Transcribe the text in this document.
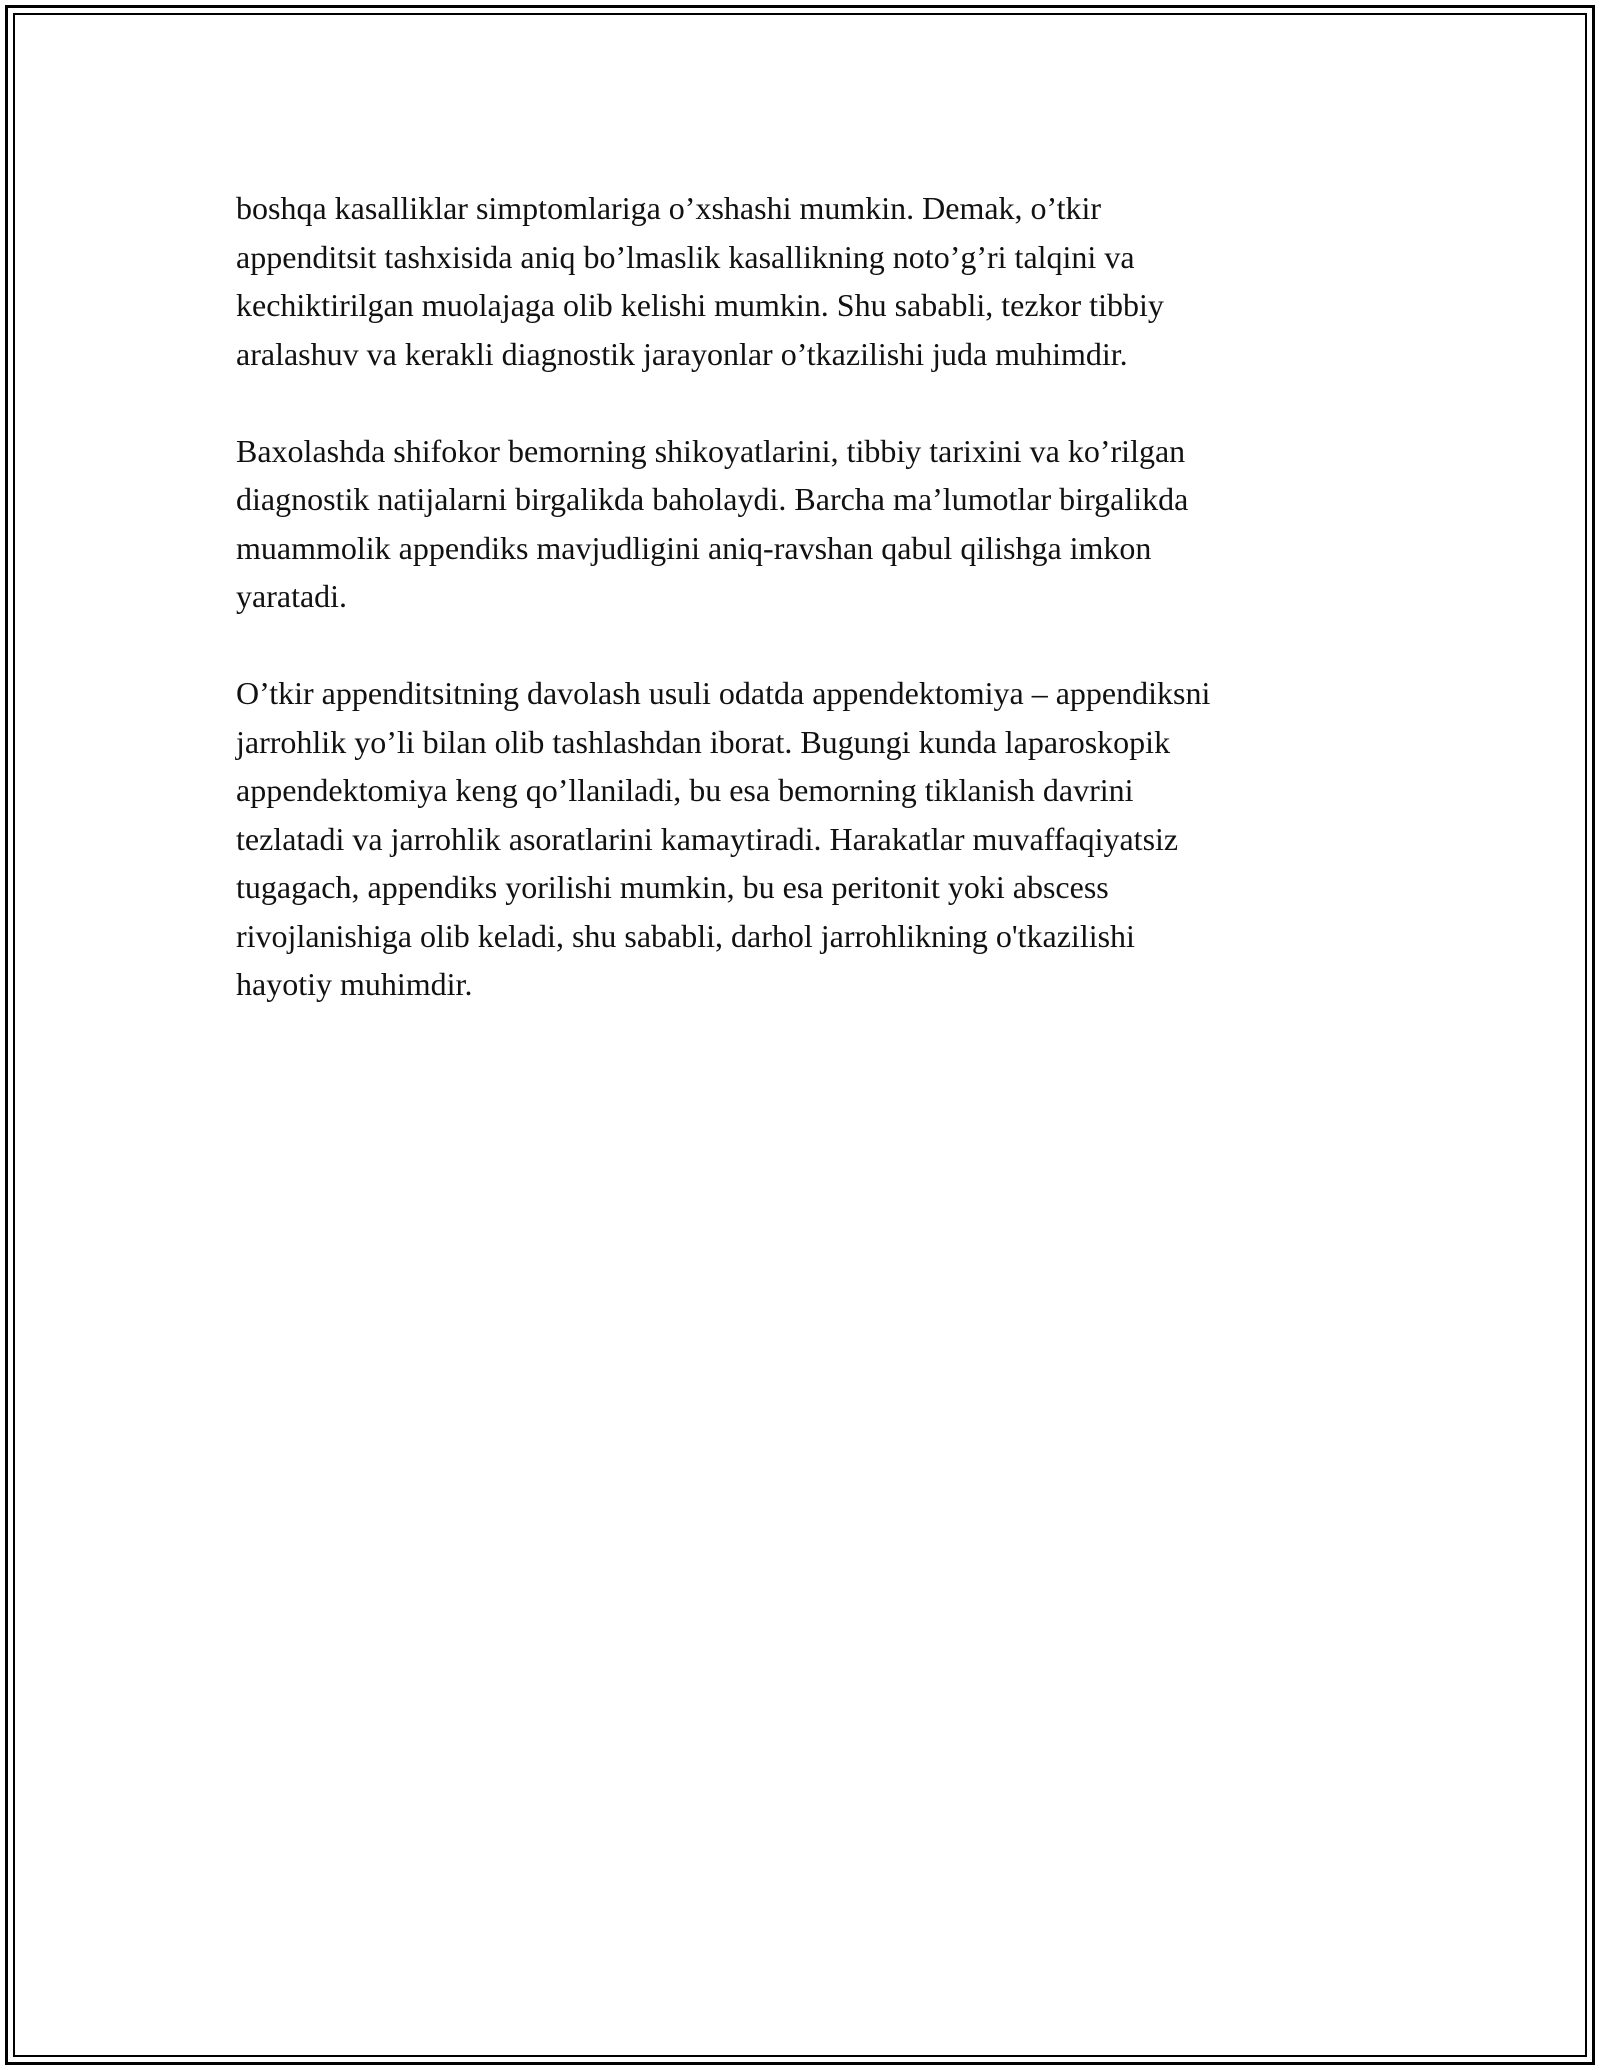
boshqa kasalliklar simptomlariga o’xshashi mumkin. Demak, o’tkir
appenditsit tashxisida aniq bo’lmaslik kasallikning noto’g’ri talqini va
kechiktirilgan muolajaga olib kelishi mumkin. Shu sababli, tezkor tibbiy
aralashuv va kerakli diagnostik jarayonlar o’tkazilishi juda muhimdir.

Baxolashda shifokor bemorning shikoyatlarini, tibbiy tarixini va ko’rilgan
diagnostik natijalarni birgalikda baholaydi. Barcha ma’lumotlar birgalikda
muammolik appendiks mavjudligini aniq-ravshan qabul qilishga imkon
yaratadi.

O’tkir appenditsitning davolash usuli odatda appendektomiya – appendiksni
jarrohlik yo’li bilan olib tashlashdan iborat. Bugungi kunda laparoskopik
appendektomiya keng qo’llaniladi, bu esa bemorning tiklanish davrini
tezlatadi va jarrohlik asoratlarini kamaytiradi. Harakatlar muvaffaqiyatsiz
tugagach, appendiks yorilishi mumkin, bu esa peritonit yoki abscess
rivojlanishiga olib keladi, shu sababli, darhol jarrohlikning o'tkazilishi
hayotiy muhimdir.
